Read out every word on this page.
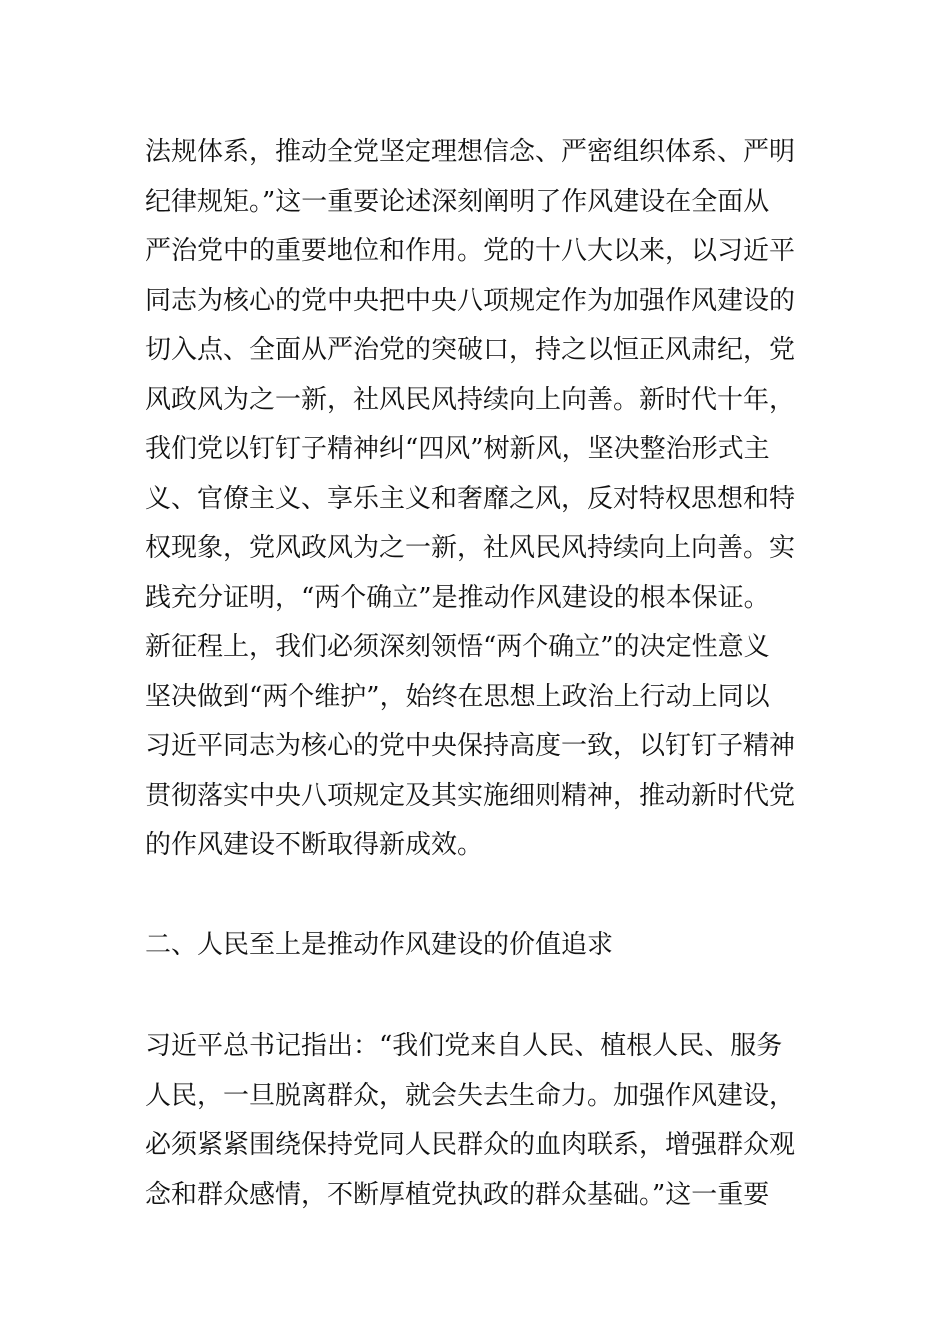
法规体系，推动全党坚定理想信念、严密组织体系、严明
纪律规矩。”这一重要论述深刻阐明了作风建设在全面从
严治党中的重要地位和作用。党的十八大以来，以习近平
同志为核心的党中央把中央八项规定作为加强作风建设的
切入点、全面从严治党的突破口，持之以恒正风肃纪，党
风政风为之一新，社风民风持续向上向善。新时代十年，
我们党以钉钉子精神纠“四风”树新风，坚决整治形式主
义、官僚主义、享乐主义和奢靡之风，反对特权思想和特
权现象，党风政风为之一新，社风民风持续向上向善。实
践充分证明，“两个确立”是推动作风建设的根本保证。
新征程上，我们必须深刻领悟“两个确立”的决定性意义
坚决做到“两个维护”，始终在思想上政治上行动上同以
习近平同志为核心的党中央保持高度一致，以钉钉子精神
贯彻落实中央八项规定及其实施细则精神，推动新时代党
的作风建设不断取得新成效。
二、人民至上是推动作风建设的价值追求
习近平总书记指出：“我们党来自人民、植根人民、服务
人民，一旦脱离群众，就会失去生命力。加强作风建设，
必须紧紧围绕保持党同人民群众的血肉联系，增强群众观
念和群众感情，不断厚植党执政的群众基础。”这一重要
